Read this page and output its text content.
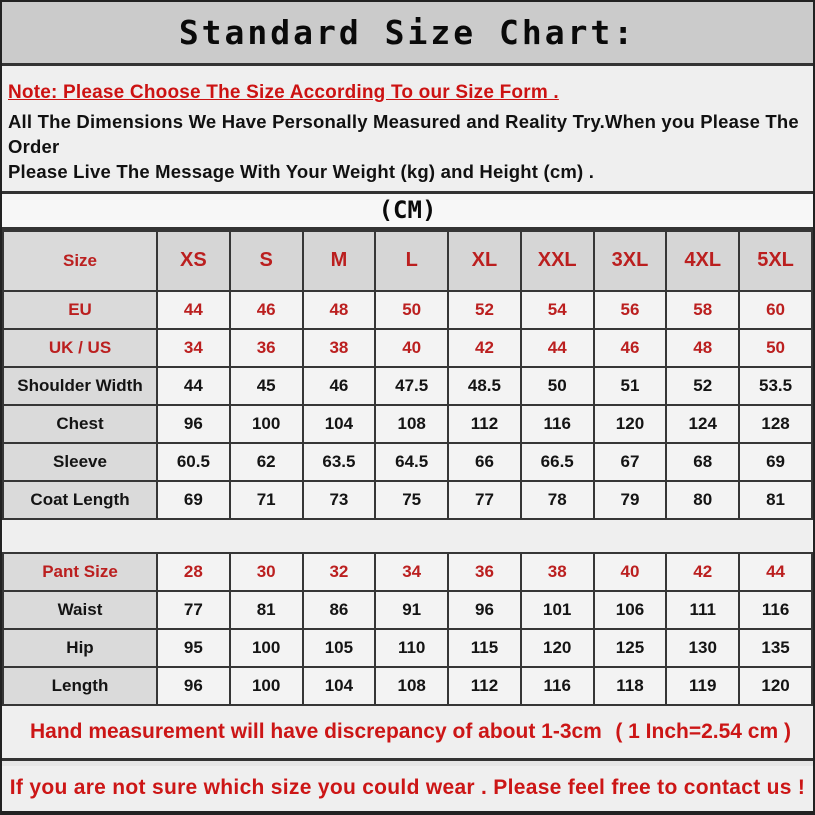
Standard Size Chart:

Note: Please Choose The Size According To our Size Form .

All The Dimensions We Have Personally Measured and Reality Try.When you Please The Order

Please Live The Message With Your Weight (kg) and Height (cm) .

(CM)
Size	XS	S	M	L	XL	XXL	3XL	4XL	5XL
EU	44	46	48	50	52	54	56	58	60
UK / US	34	36	38	40	42	44	46	48	50
Shoulder Width	44	45	46	47.5	48.5	50	51	52	53.5
Chest	96	100	104	108	112	116	120	124	128
Sleeve	60.5	62	63.5	64.5	66	66.5	67	68	69
Coat Length	69	71	73	75	77	78	79	80	81

Pant Size	28	30	32	34	36	38	40	42	44
Waist	77	81	86	91	96	101	106	111	116
Hip	95	100	105	110	115	120	125	130	135
Length	96	100	104	108	112	116	118	119	120
Hand measurement will have discrepancy of about 1-3cm ( 1 Inch=2.54 cm )
If you are not sure which size you could wear . Please feel free to contact us !
